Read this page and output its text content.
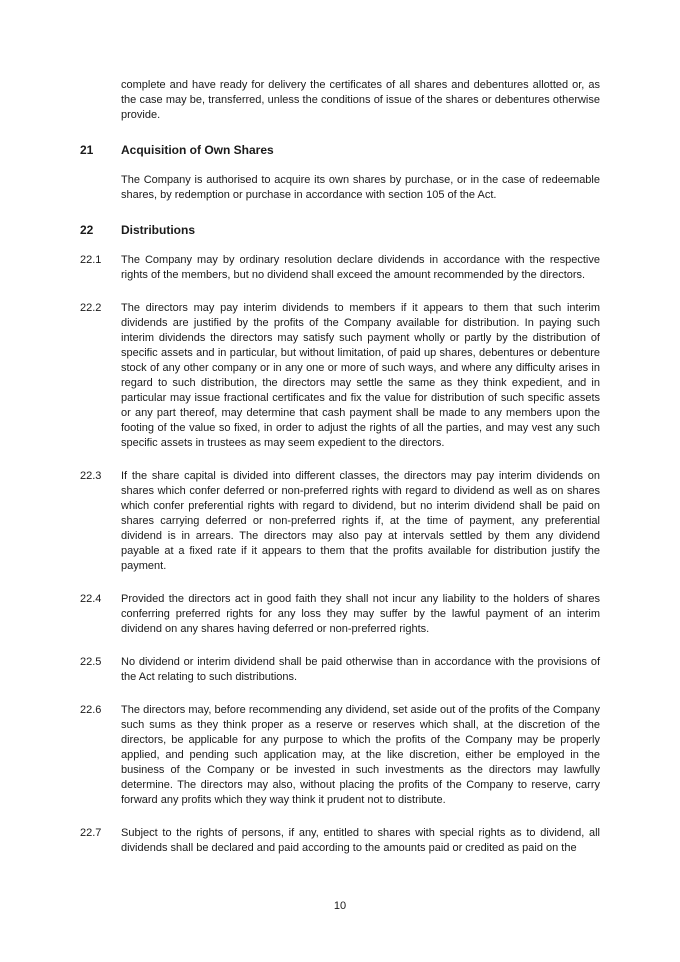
complete and have ready for delivery the certificates of all shares and debentures allotted or, as the case may be, transferred, unless the conditions of issue of the shares or debentures otherwise provide.

21	Acquisition of Own Shares

The Company is authorised to acquire its own shares by purchase, or in the case of redeemable shares, by redemption or purchase in accordance with section 105 of the Act.

22	Distributions
22.1	The Company may by ordinary resolution declare dividends in accordance with the respective rights of the members, but no dividend shall exceed the amount recommended by the directors.

22.2	The directors may pay interim dividends to members if it appears to them that such interim dividends are justified by the profits of the Company available for distribution. In paying such interim dividends the directors may satisfy such payment wholly or partly by the distribution of specific assets and in particular, but without limitation, of paid up shares, debentures or debenture stock of any other company or in any one or more of such ways, and where any difficulty arises in regard to such distribution, the directors may settle the same as they think expedient, and in particular may issue fractional certificates and fix the value for distribution of such specific assets or any part thereof, may determine that cash payment shall be made to any members upon the footing of the value so fixed, in order to adjust the rights of all the parties, and may vest any such specific assets in trustees as may seem expedient to the directors.

22.3	If the share capital is divided into different classes, the directors may pay interim dividends on shares which confer deferred or non-preferred rights with regard to dividend as well as on shares which confer preferential rights with regard to dividend, but no interim dividend shall be paid on shares carrying deferred or non-preferred rights if, at the time of payment, any preferential dividend is in arrears. The directors may also pay at intervals settled by them any dividend payable at a fixed rate if it appears to them that the profits available for distribution justify the payment.

22.4	Provided the directors act in good faith they shall not incur any liability to the holders of shares conferring preferred rights for any loss they may suffer by the lawful payment of an interim dividend on any shares having deferred or non-preferred rights.

22.5	No dividend or interim dividend shall be paid otherwise than in accordance with the provisions of the Act relating to such distributions.

22.6	The directors may, before recommending any dividend, set aside out of the profits of the Company such sums as they think proper as a reserve or reserves which shall, at the discretion of the directors, be applicable for any purpose to which the profits of the Company may be properly applied, and pending such application may, at the like discretion, either be employed in the business of the Company or be invested in such investments as the directors may lawfully determine. The directors may also, without placing the profits of the Company to reserve, carry forward any profits which they way think it prudent not to distribute.

22.7	Subject to the rights of persons, if any, entitled to shares with special rights as to dividend, all dividends shall be declared and paid according to the amounts paid or credited as paid on the

10
